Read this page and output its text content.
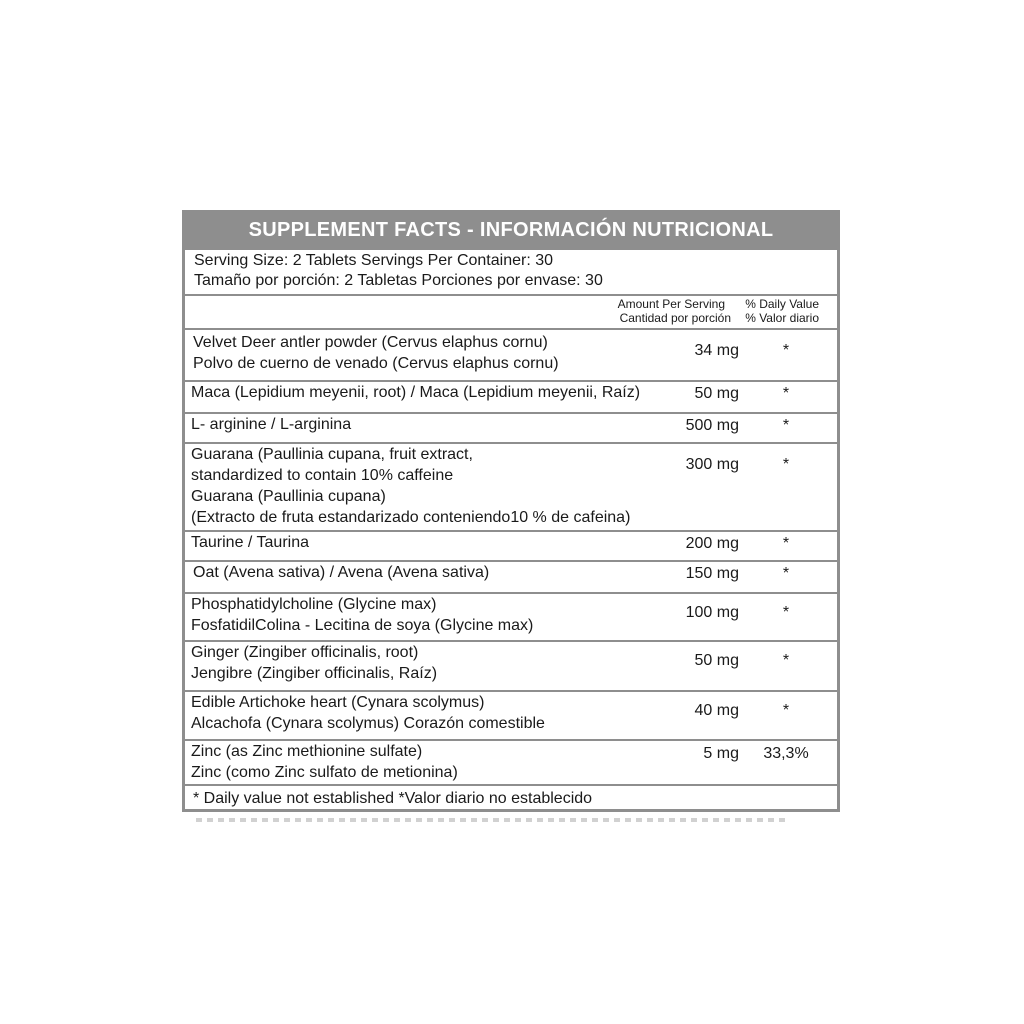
SUPPLEMENT FACTS - INFORMACIÓN NUTRICIONAL
Serving Size: 2 Tablets Servings Per Container: 30
Tamaño por porción: 2 Tabletas Porciones por envase: 30
Amount Per Serving % Daily Value
Cantidad por porción % Valor diario
Velvet Deer antler powder (Cervus elaphus cornu)
Polvo de cuerno de venado (Cervus elaphus cornu)
34 mg	*
Maca (Lepidium meyenii, root) / Maca (Lepidium meyenii, Raíz)	50 mg	*
L- arginine / L-arginina	500 mg	*
Guarana (Paullinia cupana, fruit extract,
standardized to contain 10% caffeine
Guarana (Paullinia cupana)
(Extracto de fruta estandarizado conteniendo10 % de cafeina)
300 mg	*
Taurine / Taurina	200 mg	*
Oat (Avena sativa) / Avena (Avena sativa)	150 mg	*
Phosphatidylcholine (Glycine max)
FosfatidilColina - Lecitina de soya (Glycine max)
100 mg	*
Ginger (Zingiber officinalis, root)
Jengibre (Zingiber officinalis, Raíz)
50 mg	*
Edible Artichoke heart (Cynara scolymus)
Alcachofa (Cynara scolymus) Corazón comestible
40 mg	*
Zinc (as Zinc methionine sulfate)
Zinc (como Zinc sulfato de metionina)
5 mg	33,3%
* Daily value not established *Valor diario no establecido
